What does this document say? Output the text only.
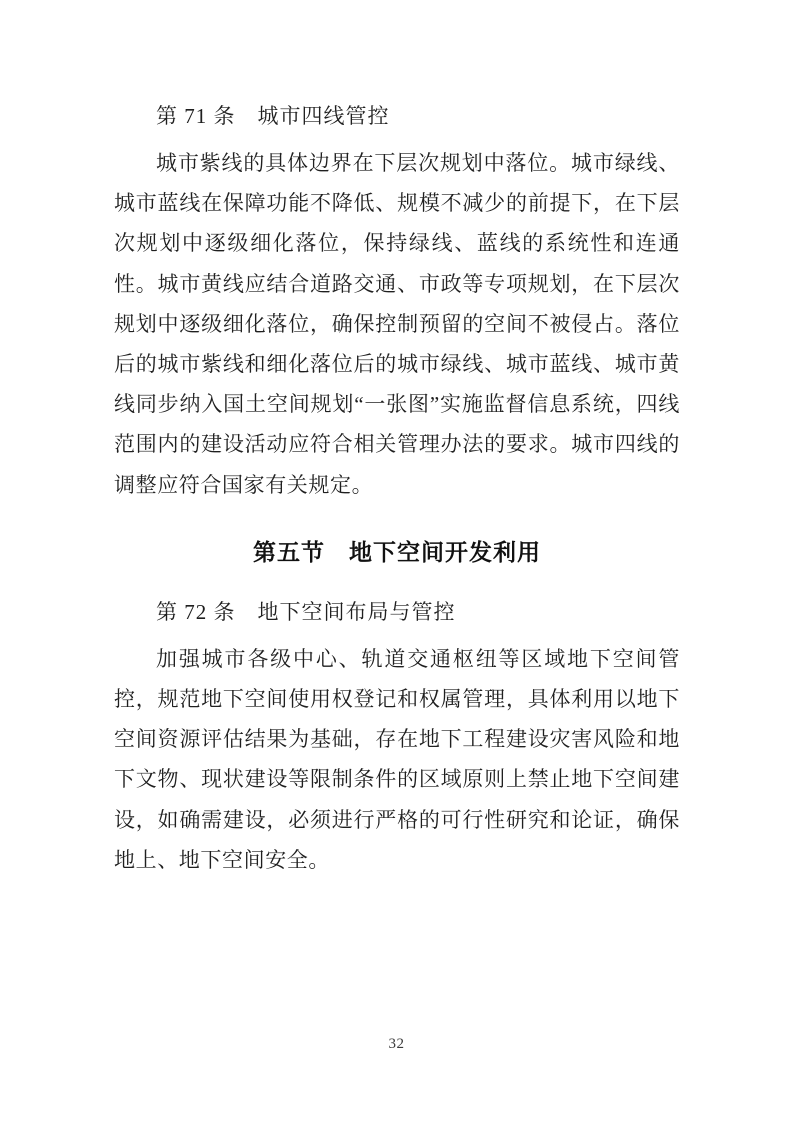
第 71 条　城市四线管控

城市紫线的具体边界在下层次规划中落位。城市绿线、城市蓝线在保障功能不降低、规模不减少的前提下，在下层次规划中逐级细化落位，保持绿线、蓝线的系统性和连通性。城市黄线应结合道路交通、市政等专项规划，在下层次规划中逐级细化落位，确保控制预留的空间不被侵占。落位后的城市紫线和细化落位后的城市绿线、城市蓝线、城市黄线同步纳入国土空间规划“一张图”实施监督信息系统，四线范围内的建设活动应符合相关管理办法的要求。城市四线的调整应符合国家有关规定。

第五节　地下空间开发利用
第 72 条　地下空间布局与管控

加强城市各级中心、轨道交通枢纽等区域地下空间管控，规范地下空间使用权登记和权属管理，具体利用以地下空间资源评估结果为基础，存在地下工程建设灾害风险和地下文物、现状建设等限制条件的区域原则上禁止地下空间建设，如确需建设，必须进行严格的可行性研究和论证，确保地上、地下空间安全。

32
